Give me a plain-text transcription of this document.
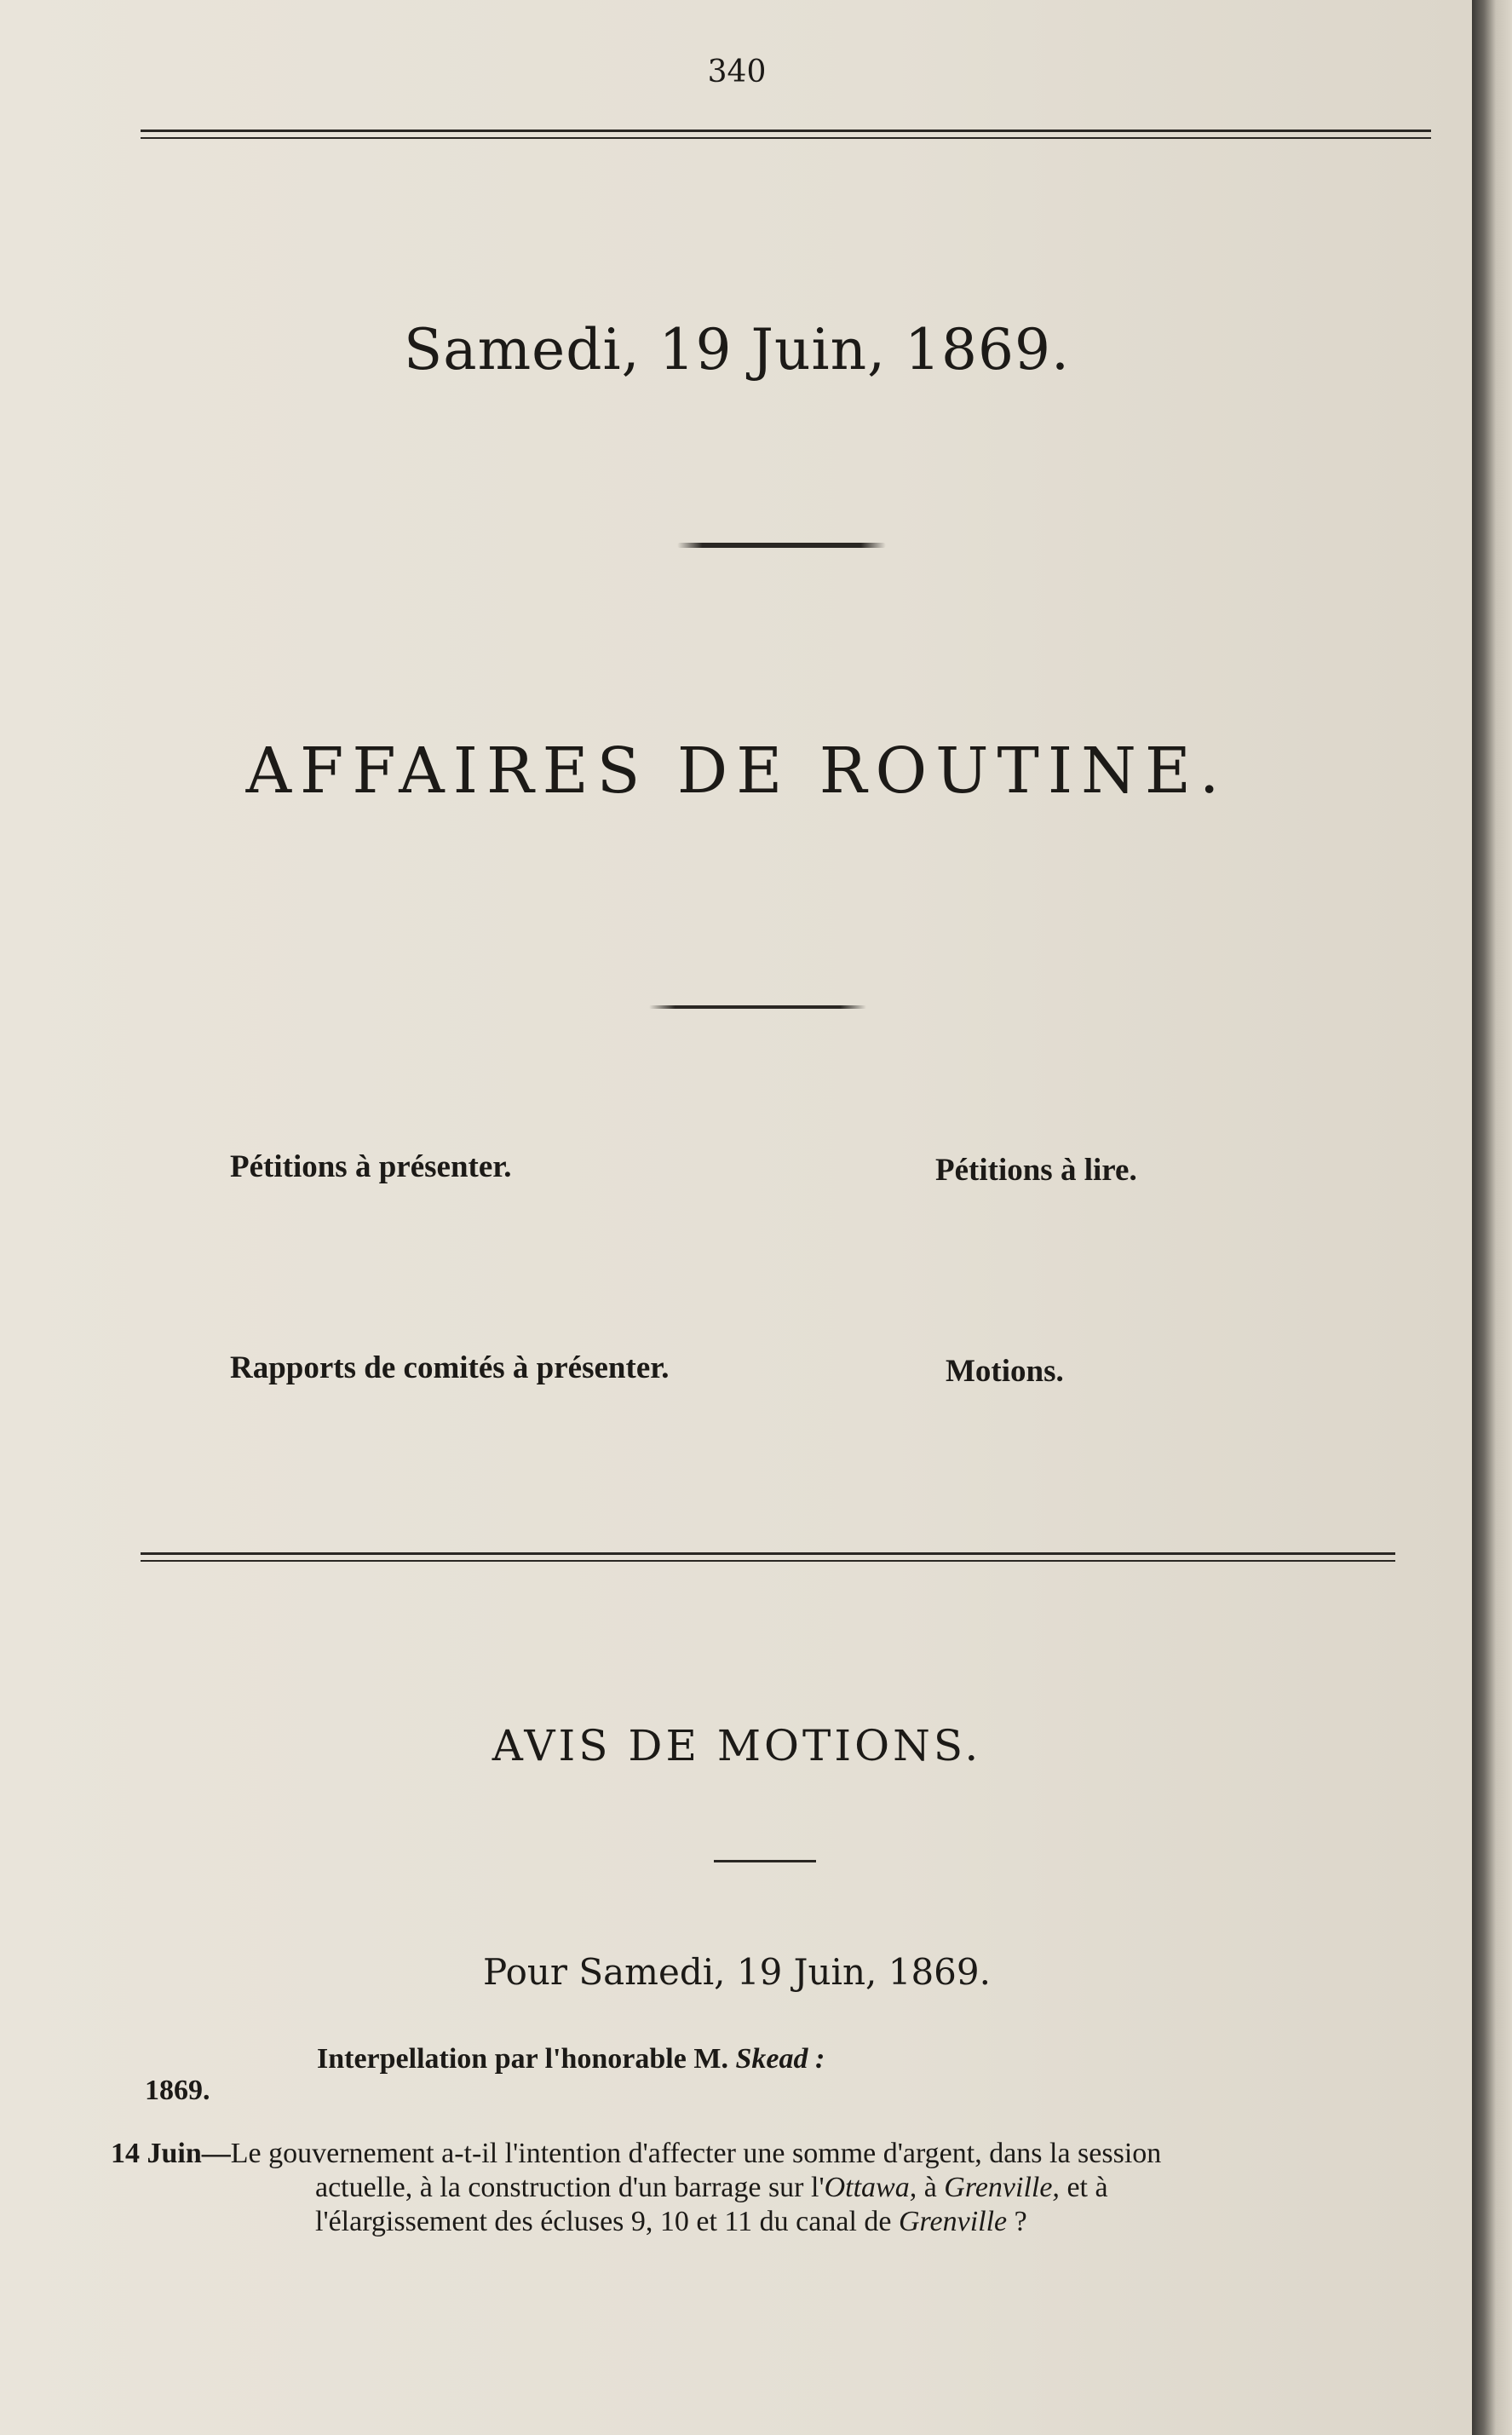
340
Samedi, 19 Juin, 1869.
AFFAIRES DE ROUTINE.
Pétitions à présenter.	Pétitions à lire.
Rapports de comités à présenter.	Motions.
AVIS DE MOTIONS.
Pour Samedi, 19 Juin, 1869.
Interpellation par l'honorable M. Skead :
1869.
14 Juin—Le gouvernement a-t-il l'intention d'affecter une somme d'argent, dans la session
actuelle, à la construction d'un barrage sur l'Ottawa, à Grenville, et à
l'élargissement des écluses 9, 10 et 11 du canal de Grenville ?
